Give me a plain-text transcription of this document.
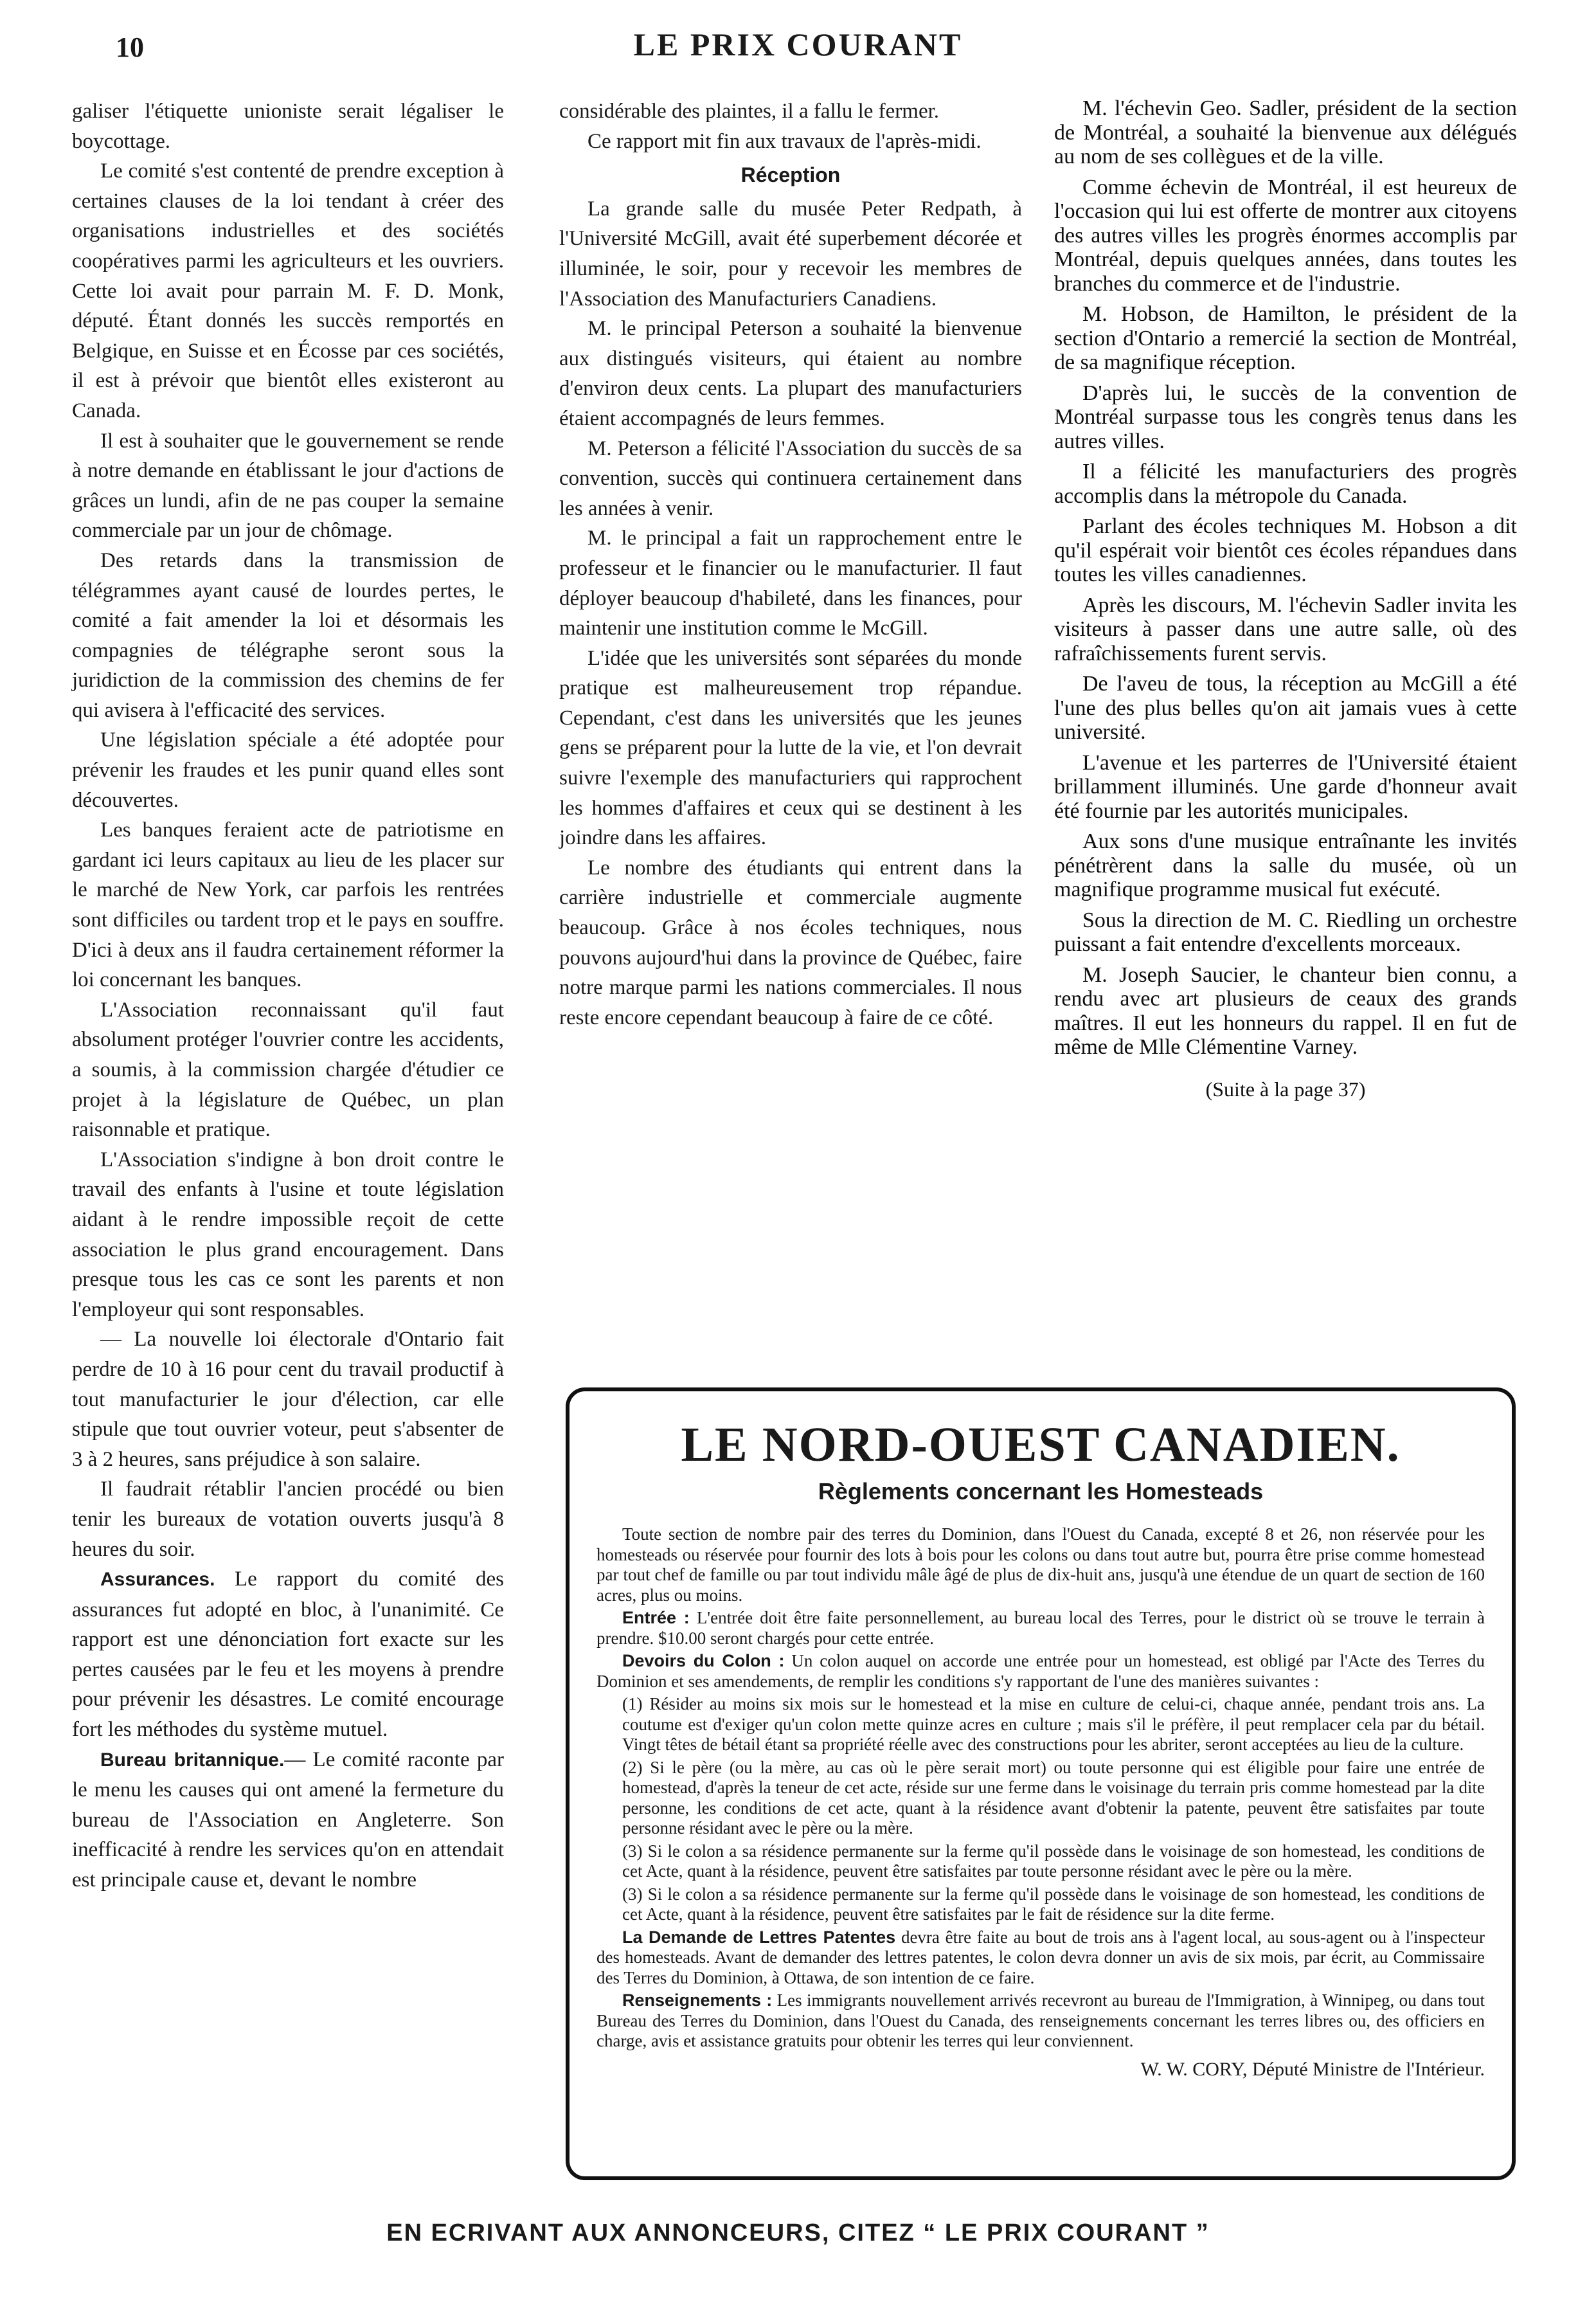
10	LE PRIX COURANT

galiser l'étiquette unioniste serait légaliser le boycottage.

Le comité s'est contenté de prendre exception à certaines clauses de la loi tendant à créer des organisations industrielles et des sociétés coopératives parmi les agriculteurs et les ouvriers. Cette loi avait pour parrain M. F. D. Monk, député. Étant donnés les succès remportés en Belgique, en Suisse et en Écosse par ces sociétés, il est à prévoir que bientôt elles existeront au Canada.

Il est à souhaiter que le gouvernement se rende à notre demande en établissant le jour d'actions de grâces un lundi, afin de ne pas couper la semaine commerciale par un jour de chômage.

Des retards dans la transmission de télégrammes ayant causé de lourdes pertes, le comité a fait amender la loi et désormais les compagnies de télégraphe seront sous la juridiction de la commission des chemins de fer qui avisera à l'efficacité des services.

Une législation spéciale a été adoptée pour prévenir les fraudes et les punir quand elles sont découvertes.

Les banques feraient acte de patriotisme en gardant ici leurs capitaux au lieu de les placer sur le marché de New York, car parfois les rentrées sont difficiles ou tardent trop et le pays en souffre. D'ici à deux ans il faudra certainement réformer la loi concernant les banques.

L'Association reconnaissant qu'il faut absolument protéger l'ouvrier contre les accidents, a soumis, à la commission chargée d'étudier ce projet à la législature de Québec, un plan raisonnable et pratique.

L'Association s'indigne à bon droit contre le travail des enfants à l'usine et toute législation aidant à le rendre impossible reçoit de cette association le plus grand encouragement. Dans presque tous les cas ce sont les parents et non l'employeur qui sont responsables.

— La nouvelle loi électorale d'Ontario fait perdre de 10 à 16 pour cent du travail productif à tout manufacturier le jour d'élection, car elle stipule que tout ouvrier voteur, peut s'absenter de 3 à 2 heures, sans préjudice à son salaire.

Il faudrait rétablir l'ancien procédé ou bien tenir les bureaux de votation ouverts jusqu'à 8 heures du soir.

Assurances. Le rapport du comité des assurances fut adopté en bloc, à l'unanimité. Ce rapport est une dénonciation fort exacte sur les pertes causées par le feu et les moyens à prendre pour prévenir les désastres. Le comité encourage fort les méthodes du système mutuel.

Bureau britannique.— Le comité raconte par le menu les causes qui ont amené la fermeture du bureau de l'Association en Angleterre. Son inefficacité à rendre les services qu'on en attendait est principale cause et, devant le nombre

considérable des plaintes, il a fallu le fermer.

Ce rapport mit fin aux travaux de l'après-midi.

Réception

La grande salle du musée Peter Redpath, à l'Université McGill, avait été superbement décorée et illuminée, le soir, pour y recevoir les membres de l'Association des Manufacturiers Canadiens.

M. le principal Peterson a souhaité la bienvenue aux distingués visiteurs, qui étaient au nombre d'environ deux cents. La plupart des manufacturiers étaient accompagnés de leurs femmes.

M. Peterson a félicité l'Association du succès de sa convention, succès qui continuera certainement dans les années à venir.

M. le principal a fait un rapprochement entre le professeur et le financier ou le manufacturier. Il faut déployer beaucoup d'habileté, dans les finances, pour maintenir une institution comme le McGill.

L'idée que les universités sont séparées du monde pratique est malheureusement trop répandue. Cependant, c'est dans les universités que les jeunes gens se préparent pour la lutte de la vie, et l'on devrait suivre l'exemple des manufacturiers qui rapprochent les hommes d'affaires et ceux qui se destinent à les joindre dans les affaires.

Le nombre des étudiants qui entrent dans la carrière industrielle et commerciale augmente beaucoup. Grâce à nos écoles techniques, nous pouvons aujourd'hui dans la province de Québec, faire notre marque parmi les nations commerciales. Il nous reste encore cependant beaucoup à faire de ce côté.

M. l'échevin Geo. Sadler, président de la section de Montréal, a souhaité la bienvenue aux délégués au nom de ses collègues et de la ville.

Comme échevin de Montréal, il est heureux de l'occasion qui lui est offerte de montrer aux citoyens des autres villes les progrès énormes accomplis par Montréal, depuis quelques années, dans toutes les branches du commerce et de l'industrie.

M. Hobson, de Hamilton, le président de la section d'Ontario a remercié la section de Montréal, de sa magnifique réception.

D'après lui, le succès de la convention de Montréal surpasse tous les congrès tenus dans les autres villes.

Il a félicité les manufacturiers des progrès accomplis dans la métropole du Canada.

Parlant des écoles techniques M. Hobson a dit qu'il espérait voir bientôt ces écoles répandues dans toutes les villes canadiennes.

Après les discours, M. l'échevin Sadler invita les visiteurs à passer dans une autre salle, où des rafraîchissements furent servis.

De l'aveu de tous, la réception au McGill a été l'une des plus belles qu'on ait jamais vues à cette université.

L'avenue et les parterres de l'Université étaient brillamment illuminés. Une garde d'honneur avait été fournie par les autorités municipales.

Aux sons d'une musique entraînante les invités pénétrèrent dans la salle du musée, où un magnifique programme musical fut exécuté.

Sous la direction de M. C. Riedling un orchestre puissant a fait entendre d'excellents morceaux.

M. Joseph Saucier, le chanteur bien connu, a rendu avec art plusieurs de ceaux des grands maîtres. Il eut les honneurs du rappel. Il en fut de même de Mlle Clémentine Varney.

(Suite à la page 37)

LE NORD-OUEST CANADIEN.
Règlements concernant les Homesteads

Toute section de nombre pair des terres du Dominion, dans l'Ouest du Canada, excepté 8 et 26, non réservée pour les homesteads ou réservée pour fournir des lots à bois pour les colons ou dans tout autre but, pourra être prise comme homestead par tout chef de famille ou par tout individu mâle âgé de plus de dix-huit ans, jusqu'à une étendue de un quart de section de 160 acres, plus ou moins.

Entrée : L'entrée doit être faite personnellement, au bureau local des Terres, pour le district où se trouve le terrain à prendre. $10.00 seront chargés pour cette entrée.

Devoirs du Colon : Un colon auquel on accorde une entrée pour un homestead, est obligé par l'Acte des Terres du Dominion et ses amendements, de remplir les conditions s'y rapportant de l'une des manières suivantes :

(1) Résider au moins six mois sur le homestead et la mise en culture de celui-ci, chaque année, pendant trois ans. La coutume est d'exiger qu'un colon mette quinze acres en culture ; mais s'il le préfère, il peut remplacer cela par du bétail. Vingt têtes de bétail étant sa propriété réelle avec des constructions pour les abriter, seront acceptées au lieu de la culture.

(2) Si le père (ou la mère, au cas où le père serait mort) ou toute personne qui est éligible pour faire une entrée de homestead, d'après la teneur de cet acte, réside sur une ferme dans le voisinage du terrain pris comme homestead par la dite personne, les conditions de cet acte, quant à la résidence avant d'obtenir la patente, peuvent être satisfaites par toute personne résidant avec le père ou la mère.

(3) Si le colon a sa résidence permanente sur la ferme qu'il possède dans le voisinage de son homestead, les conditions de cet Acte, quant à la résidence, peuvent être satisfaites par toute personne résidant avec le père ou la mère.

(3) Si le colon a sa résidence permanente sur la ferme qu'il possède dans le voisinage de son homestead, les conditions de cet Acte, quant à la résidence, peuvent être satisfaites par le fait de résidence sur la dite ferme.

La Demande de Lettres Patentes devra être faite au bout de trois ans à l'agent local, au sous-agent ou à l'inspecteur des homesteads. Avant de demander des lettres patentes, le colon devra donner un avis de six mois, par écrit, au Commissaire des Terres du Dominion, à Ottawa, de son intention de ce faire.

Renseignements : Les immigrants nouvellement arrivés recevront au bureau de l'Immigration, à Winnipeg, ou dans tout Bureau des Terres du Dominion, dans l'Ouest du Canada, des renseignements concernant les terres libres ou, des officiers en charge, avis et assistance gratuits pour obtenir les terres qui leur conviennent.

W. W. CORY, Député Ministre de l'Intérieur.
EN ECRIVANT AUX ANNONCEURS, CITEZ “ LE PRIX COURANT ”
